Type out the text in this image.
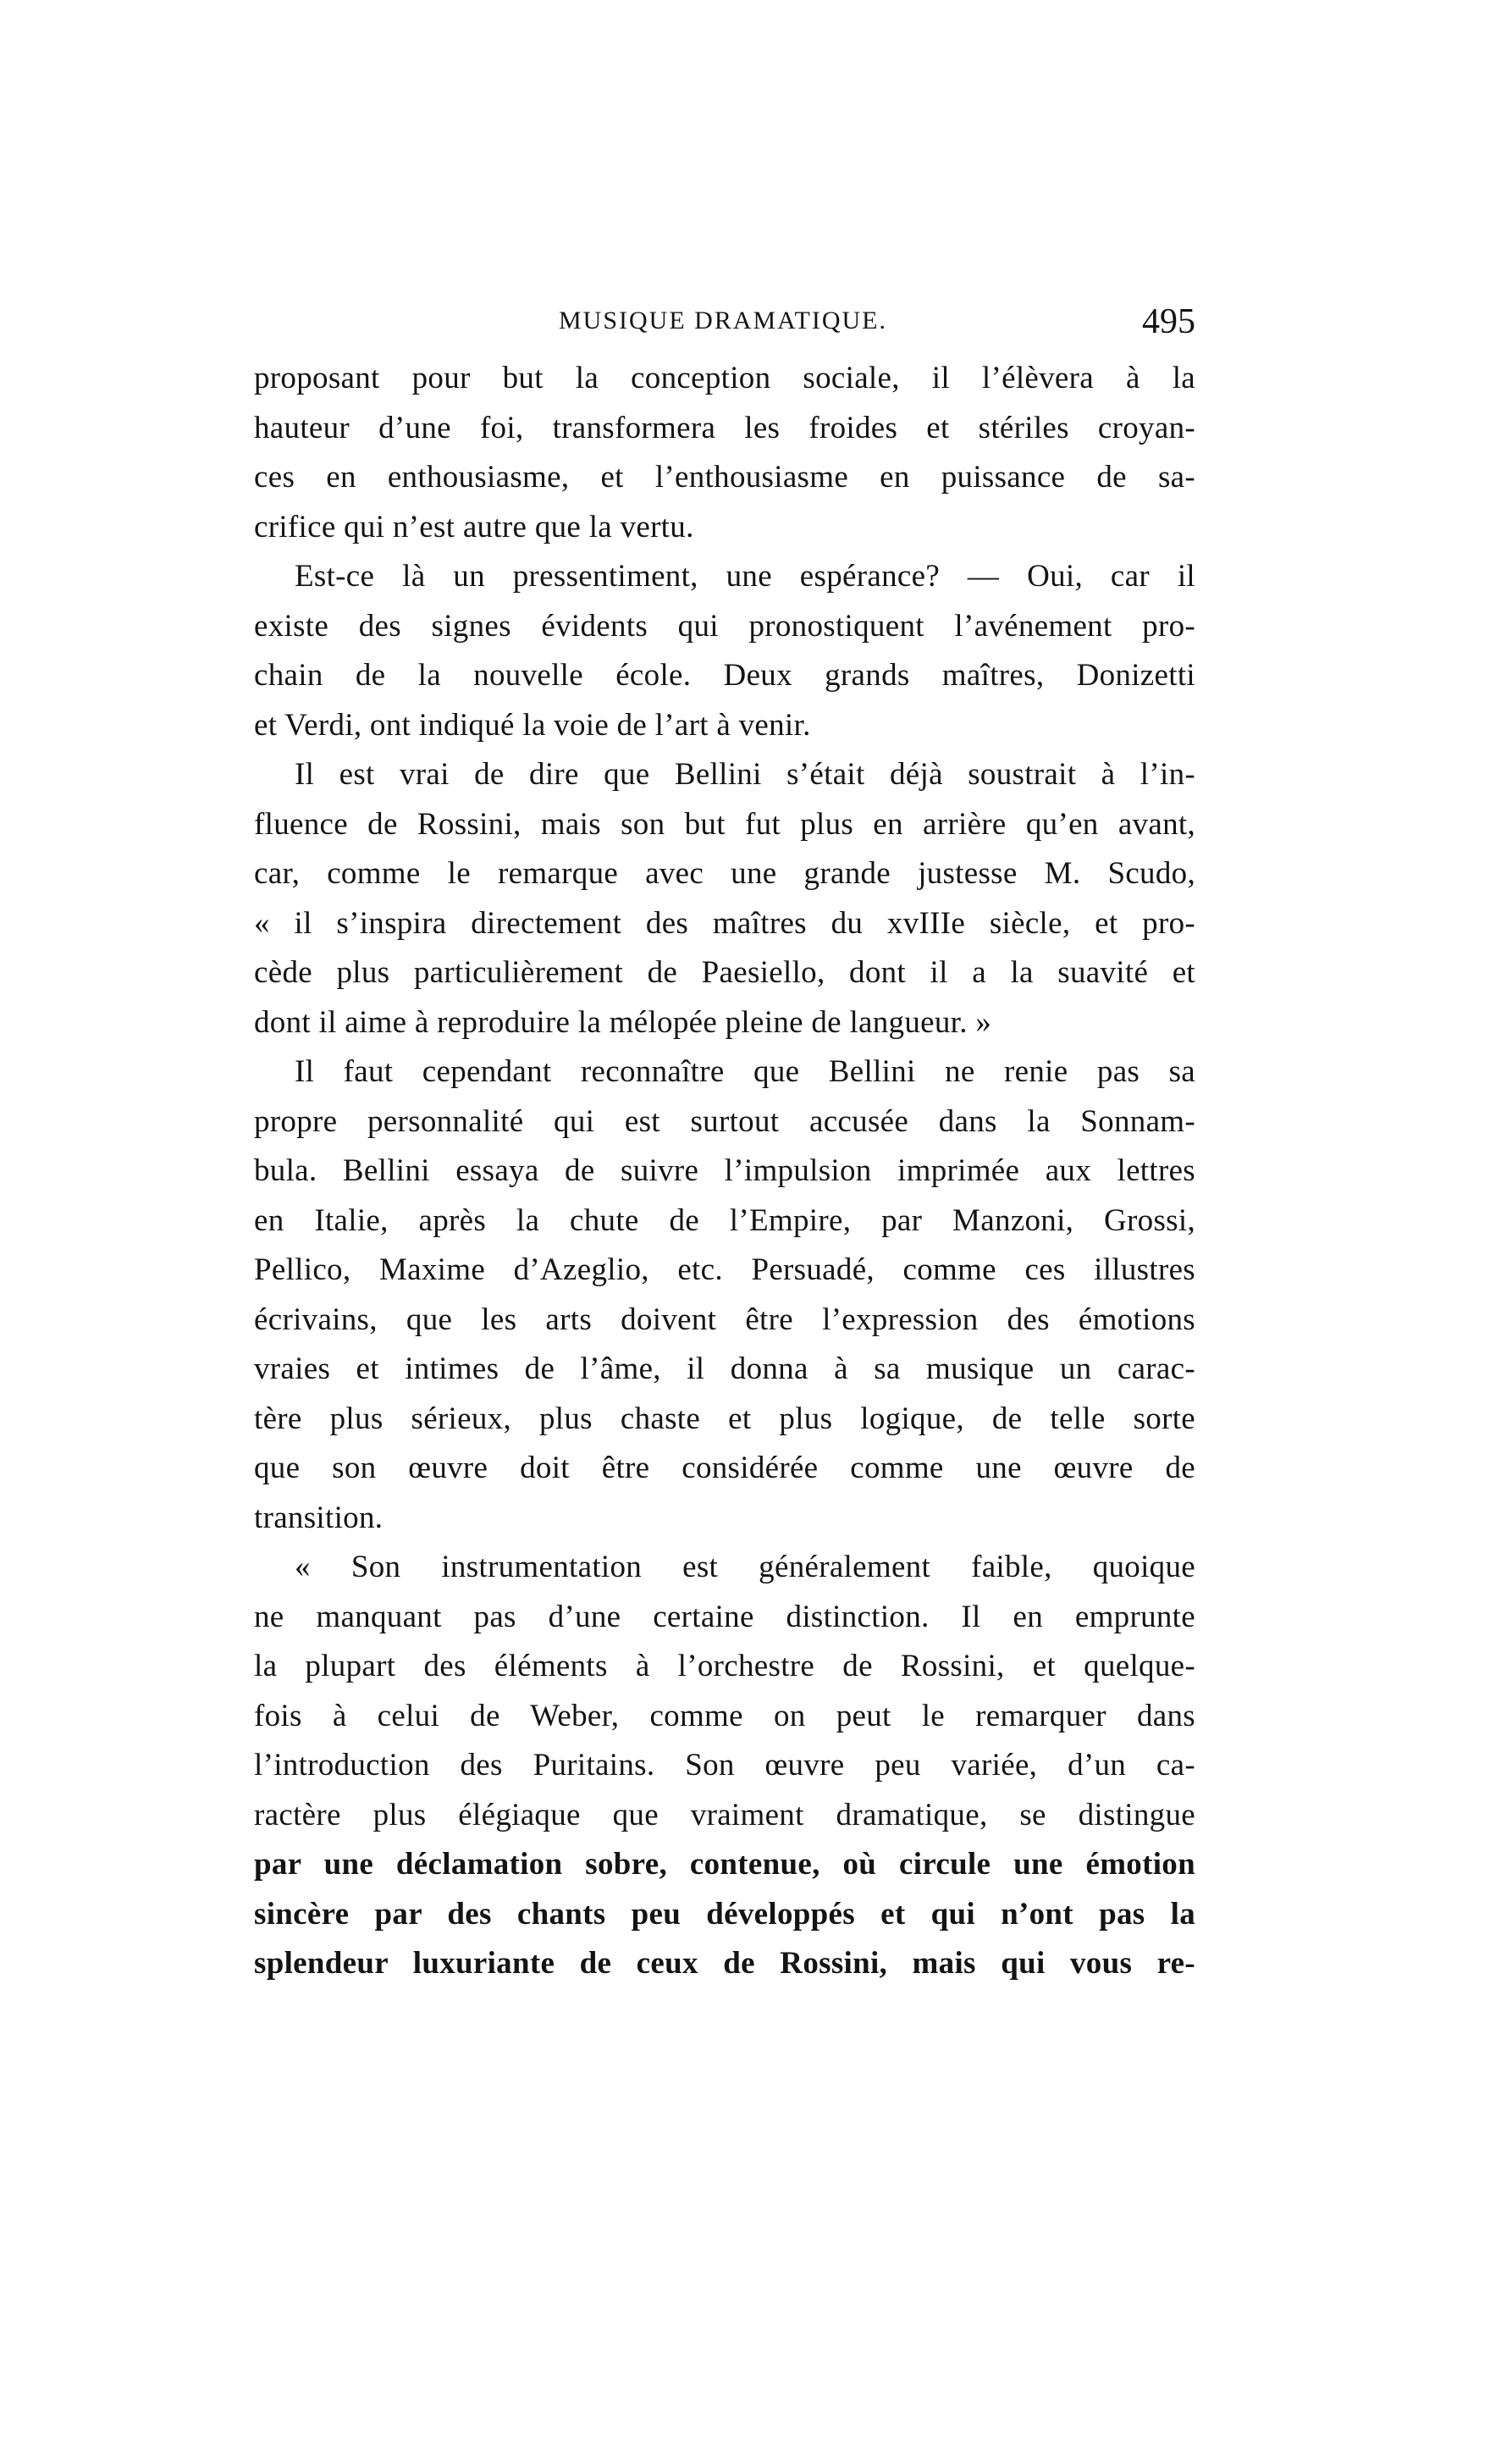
MUSIQUE DRAMATIQUE.	495
proposant pour but la conception sociale, il l’élèvera à la
hauteur d’une foi, transformera les froides et stériles croyan-
ces en enthousiasme, et l’enthousiasme en puissance de sa-
crifice qui n’est autre que la vertu.
Est-ce là un pressentiment, une espérance? — Oui, car il
existe des signes évidents qui pronostiquent l’avénement pro-
chain de la nouvelle école. Deux grands maîtres, Donizetti
et Verdi, ont indiqué la voie de l’art à venir.
Il est vrai de dire que Bellini s’était déjà soustrait à l’in-
fluence de Rossini, mais son but fut plus en arrière qu’en avant,
car, comme le remarque avec une grande justesse M. Scudo,
« il s’inspira directement des maîtres du xvIIIe siècle, et pro-
cède plus particulièrement de Paesiello, dont il a la suavité et
dont il aime à reproduire la mélopée pleine de langueur. »
Il faut cependant reconnaître que Bellini ne renie pas sa
propre personnalité qui est surtout accusée dans la Sonnam-
bula. Bellini essaya de suivre l’impulsion imprimée aux lettres
en Italie, après la chute de l’Empire, par Manzoni, Grossi,
Pellico, Maxime d’Azeglio, etc. Persuadé, comme ces illustres
écrivains, que les arts doivent être l’expression des émotions
vraies et intimes de l’âme, il donna à sa musique un carac-
tère plus sérieux, plus chaste et plus logique, de telle sorte
que son œuvre doit être considérée comme une œuvre de
transition.
« Son instrumentation est généralement faible, quoique
ne manquant pas d’une certaine distinction. Il en emprunte
la plupart des éléments à l’orchestre de Rossini, et quelque-
fois à celui de Weber, comme on peut le remarquer dans
l’introduction des Puritains. Son œuvre peu variée, d’un ca-
ractère plus élégiaque que vraiment dramatique, se distingue
par une déclamation sobre, contenue, où circule une émotion
sincère par des chants peu développés et qui n’ont pas la
splendeur luxuriante de ceux de Rossini, mais qui vous re-
